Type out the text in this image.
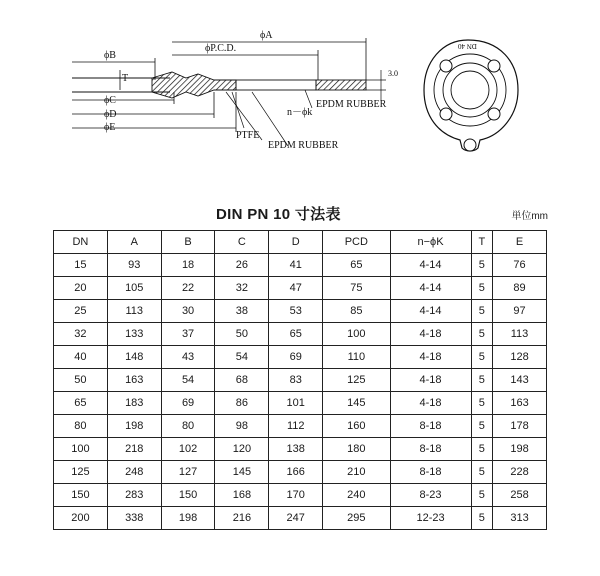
ϕA
ϕP.C.D.
ϕB
T	3.0
ϕC
ϕD
ϕE
n－ϕk
EPDM RUBBER
PTFE
EPDM RUBBER
DN 40
DIN PN 10 寸法表	単位mm
DN	A	B	C	D	PCD	n−ϕK	T	E
15	93	18	26	41	65	4-14	5	76
20	105	22	32	47	75	4-14	5	89
25	113	30	38	53	85	4-14	5	97
32	133	37	50	65	100	4-18	5	113
40	148	43	54	69	110	4-18	5	128
50	163	54	68	83	125	4-18	5	143
65	183	69	86	101	145	4-18	5	163
80	198	80	98	112	160	8-18	5	178
100	218	102	120	138	180	8-18	5	198
125	248	127	145	166	210	8-18	5	228
150	283	150	168	170	240	8-23	5	258
200	338	198	216	247	295	12-23	5	313
